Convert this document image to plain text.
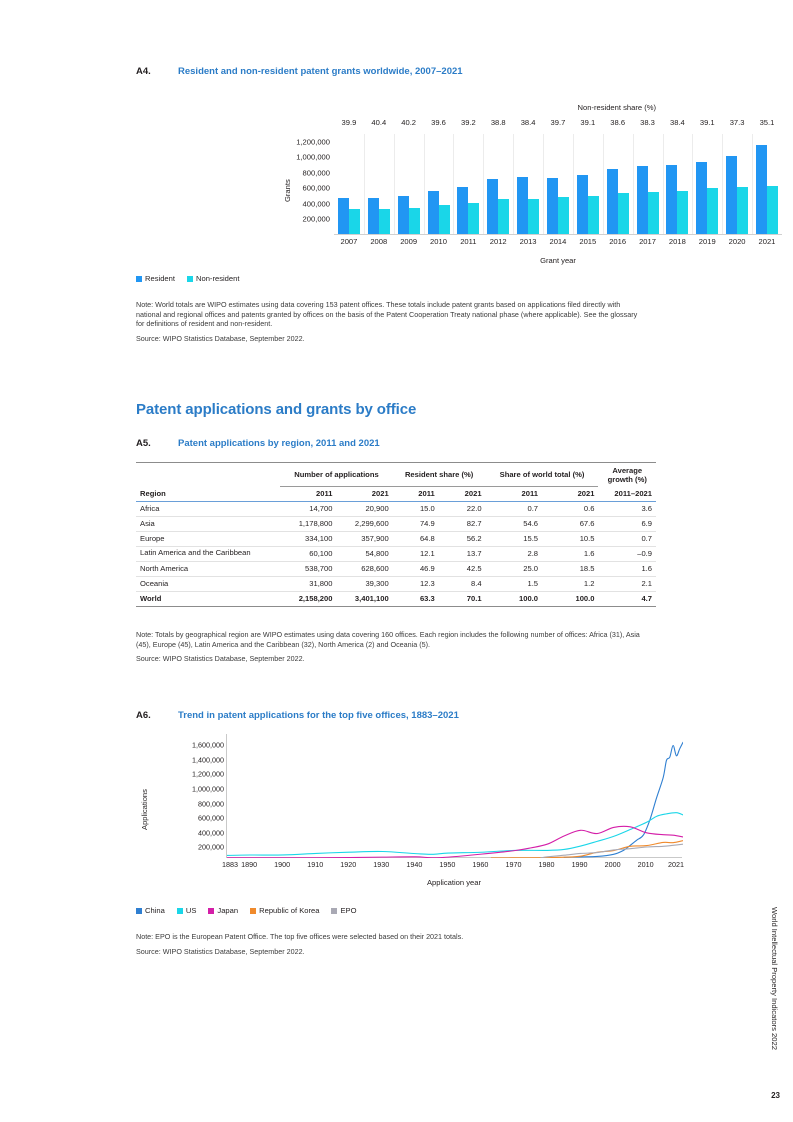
A4.	Resident and non-resident patent grants worldwide, 2007–2021
Non-resident share (%)
39.9	40.4	40.2	39.6	39.2	38.8	38.4	39.7	39.1	38.6	38.3	38.4	39.1	37.3	35.1
Grants
200,000
400,000
600,000
800,000
1,000,000
1,200,000
2007	2008	2009	2010	2011	2012	2013	2014	2015	2016	2017	2018	2019	2020	2021
Grant year
Resident	Non-resident

Note: World totals are WIPO estimates using data covering 153 patent offices. These totals include patent grants based on applications filed directly with national and regional offices and patents granted by offices on the basis of the Patent Cooperation Treaty national phase (where applicable). See the glossary for definitions of resident and non-resident.

Source: WIPO Statistics Database, September 2022.

Patent applications and grants by office
A5.	Patent applications by region, 2011 and 2021
	Number of applications		Resident share (%)		Share of world total (%)		Average
growth (%)
Region	2011	2021	2011	2021	2011	2021	2011–2021
Africa	14,700	20,900	15.0	22.0	0.7	0.6	3.6
Asia	1,178,800	2,299,600	74.9	82.7	54.6	67.6	6.9
Europe	334,100	357,900	64.8	56.2	15.5	10.5	0.7
Latin America and the Caribbean	60,100	54,800	12.1	13.7	2.8	1.6	–0.9
North America	538,700	628,600	46.9	42.5	25.0	18.5	1.6
Oceania	31,800	39,300	12.3	8.4	1.5	1.2	2.1
World	2,158,200	3,401,100	63.3	70.1	100.0	100.0	4.7

Note: Totals by geographical region are WIPO estimates using data covering 160 offices. Each region includes the following number of offices: Africa (31), Asia (45), Europe (45), Latin America and the Caribbean (32), North America (2) and Oceania (5).

Source: WIPO Statistics Database, September 2022.

A6.	Trend in patent applications for the top five offices, 1883–2021
Applications
200,000
400,000
600,000
800,000
1,000,000
1,200,000
1,400,000
1,600,000
1883 1890 1900 1910 1920 1930 1940 1950 1960 1970 1980 1990 2000 2010 2021
Application year
China	US	Japan	Republic of Korea	EPO

Note: EPO is the European Patent Office. The top five offices were selected based on their 2021 totals.

Source: WIPO Statistics Database, September 2022.	World Intellectual Property Indicators 2022
23
